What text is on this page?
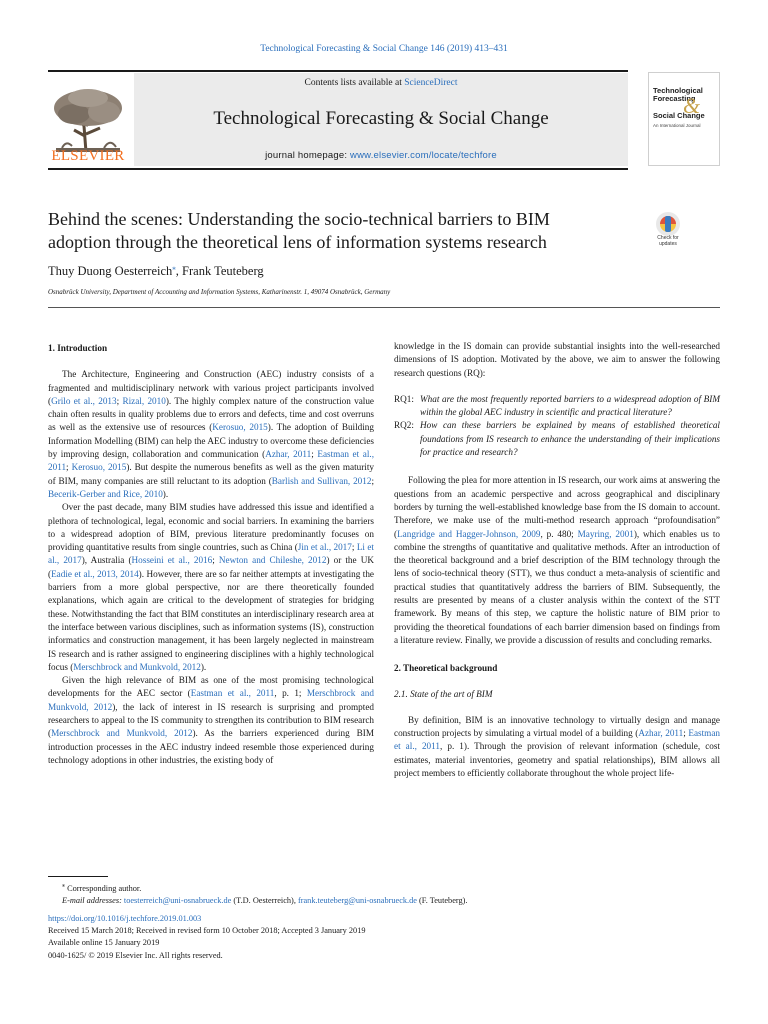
Technological Forecasting & Social Change 146 (2019) 413–431
ELSEVIER
Contents lists available at ScienceDirect
Technological Forecasting & Social Change
journal homepage: www.elsevier.com/locate/techfore
Technological
Forecasting
Social Change
&
An International Journal
Behind the scenes: Understanding the socio-technical barriers to BIM
adoption through the theoretical lens of information systems research	Check for
updates
Thuy Duong Oesterreich⁎, Frank Teuteberg
Osnabrück University, Department of Accounting and Information Systems, Katharinenstr. 1, 49074 Osnabrück, Germany
1. Introduction

The Architecture, Engineering and Construction (AEC) industry consists of a fragmented and multidisciplinary network with various project participants involved (Grilo et al., 2013; Rizal, 2010). The highly complex nature of the construction value chain often results in quality problems due to errors and defects, time and cost overruns as well as the extensive use of resources (Kerosuo, 2015). The adoption of Building Information Modelling (BIM) can help the AEC industry to overcome these deficiencies by improving design, collaboration and communication (Azhar, 2011; Eastman et al., 2011; Kerosuo, 2015). But despite the numerous benefits as well as the given maturity of BIM, many companies are still reluctant to its adoption (Barlish and Sullivan, 2012; Becerik-Gerber and Rice, 2010).

Over the past decade, many BIM studies have addressed this issue and identified a plethora of technological, legal, economic and social barriers. In examining the barriers to a widespread adoption of BIM, previous literature predominantly focuses on providing quantitative results from single countries, such as China (Jin et al., 2017; Li et al., 2017), Australia (Hosseini et al., 2016; Newton and Chileshe, 2012) or the UK (Eadie et al., 2013, 2014). However, there are so far neither attempts at investigating the barriers from a more global perspective, nor are there theoretically founded explanations, which again are critical to the development of strategies for bridging these. Notwithstanding the fact that BIM constitutes an interdisciplinary research area at the interface between various disciplines, such as information systems (IS), construction informatics and construction management, it has been largely neglected in mainstream IS research and is rather assigned to engineering disciplines with a highly technological focus (Merschbrock and Munkvold, 2012).

Given the high relevance of BIM as one of the most promising technological developments for the AEC sector (Eastman et al., 2011, p. 1; Merschbrock and Munkvold, 2012), the lack of interest in IS research is surprising and prompted researchers to appeal to the IS community to strengthen its contribution to BIM research (Merschbrock and Munkvold, 2012). As the barriers experienced during BIM introduction processes in the AEC industry indeed resemble those experienced during technology adoptions in other industries, the existing body of

knowledge in the IS domain can provide substantial insights into the well-researched dimensions of IS adoption. Motivated by the above, we aim to answer the following research questions (RQ):

RQ1: What are the most frequently reported barriers to a widespread adoption of BIM within the global AEC industry in scientific and practical literature?
RQ2: How can these barriers be explained by means of established theoretical foundations from IS research to enhance the understanding of their implications for practice and research?

Following the plea for more attention in IS research, our work aims at answering the questions from an academic perspective and across geographical and disciplinary borders by turning the well-established knowledge base from the IS domain to account. Therefore, we make use of the multi-method research approach “profoundisation” (Langridge and Hagger-Johnson, 2009, p. 480; Mayring, 2001), which enables us to combine the strengths of quantitative and qualitative methods. After an introduction of the theoretical background and a brief description of the BIM technology through the lens of socio-technical theory (STT), we thus conduct a meta-analysis of scientific and practical studies that quantitatively address the barriers of BIM. Subsequently, the results are presented by means of a cluster analysis within the context of the STT framework. By means of this step, we capture the holistic nature of BIM prior to providing the theoretical foundations of each barrier dimension based on findings from a literature review. Finally, we provide a discussion of results and concluding remarks.

2. Theoretical background
2.1. State of the art of BIM

By definition, BIM is an innovative technology to virtually design and manage construction projects by simulating a virtual model of a building (Azhar, 2011; Eastman et al., 2011, p. 1). Through the provision of relevant information (schedule, cost estimates, material inventories, geometry and spatial relationships), BIM allows all project members to efficiently collaborate throughout the whole project life-

⁎ Corresponding author.
E-mail addresses: toesterreich@uni-osnabrueck.de (T.D. Oesterreich), frank.teuteberg@uni-osnabrueck.de (F. Teuteberg).
https://doi.org/10.1016/j.techfore.2019.01.003
Received 15 March 2018; Received in revised form 10 October 2018; Accepted 3 January 2019
Available online 15 January 2019
0040-1625/ © 2019 Elsevier Inc. All rights reserved.
